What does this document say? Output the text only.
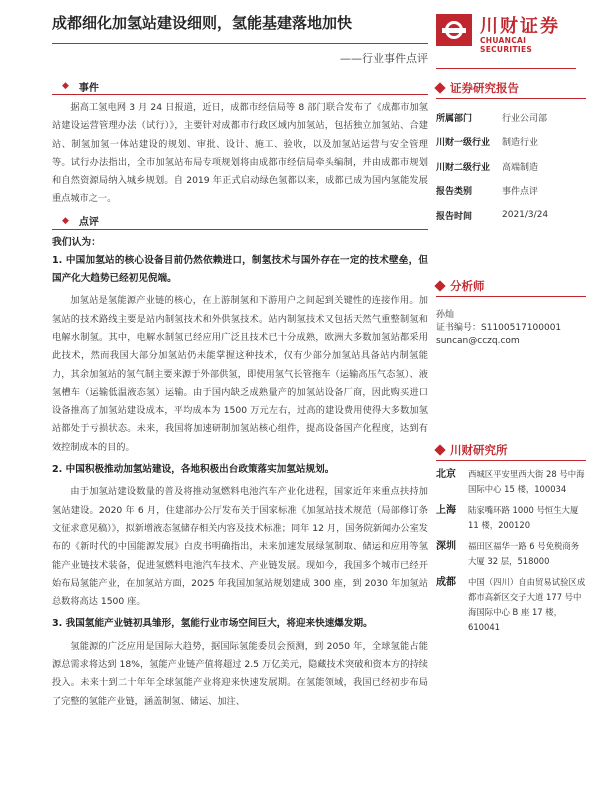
成都细化加氢站建设细则，氢能基建落地加快	川财证券
CHUANCAI SECURITIES
——行业事件点评
◆ 事件

据高工氢电网 3 月 24 日报道，近日，成都市经信局等 8 部门联合发布了《成都市加氢站建设运营管理办法（试行）》，主要针对成都市行政区域内加氢站，包括独立加氢站、合建站、制氢加氢一体站建设的规划、审批、设计、施工、验收，以及加氢站运营与安全管理等。试行办法指出，全市加氢站布局专项规划将由成都市经信局牵头编制，并由成都市规划和自然资源局纳入城乡规划。自 2019 年正式启动绿色氢都以来，成都已成为国内氢能发展重点城市之一。

◆ 点评

我们认为：

1. 中国加氢站的核心设备目前仍然依赖进口，制氢技术与国外存在一定的技术壁垒，但国产化大趋势已经初见倪端。

加氢站是氢能源产业链的核心，在上游制氢和下游用户之间起到关键性的连接作用。加氢站的技术路线主要是站内制氢技术和外供氢技术。站内制氢技术又包括天然气重整制氢和电解水制氢。其中，电解水制氢已经应用广泛且技术已十分成熟，欧洲大多数加氢站都采用此技术，然而我国大部分加氢站仍未能掌握这种技术，仅有少部分加氢站具备站内制氢能力，其余加氢站的氢气制主要来源于外部供氢，即使用氢气长管拖车（运输高压气态氢）、液氢槽车（运输低温液态氢）运输。由于国内缺乏成熟量产的加氢站设备厂商，因此购买进口设备推高了加氢站建设成本，平均成本为 1500 万元左右，过高的建设费用使得大多数加氢站都处于亏损状态。未来，我国将加速研制加氢站核心组件，提高设备国产化程度，达到有效控制成本的目的。

2. 中国积极推动加氢站建设，各地积极出台政策落实加氢站规划。

由于加氢站建设数量的普及将推动氢燃料电池汽车产业化进程，国家近年来重点扶持加氢站建设。2020 年 6 月，住建部办公厅发布关于国家标准《加氢站技术规范（局部修订条文征求意见稿）》，拟新增液态氢储存相关内容及技术标准；同年 12 月，国务院新闻办公室发布的《新时代的中国能源发展》白皮书明确指出，未来加速发展绿氢制取、储运和应用等氢能产业链技术装备，促进氢燃料电池汽车技术、产业链发展。现如今，我国多个城市已经开始布局氢能产业，在加氢站方面，2025 年我国加氢站规划建成 300 座，到 2030 年加氢站总数将高达 1500 座。

3. 我国氢能产业链初具雏形，氢能行业市场空间巨大，将迎来快速爆发期。

氢能源的广泛应用是国际大趋势，据国际氢能委员会预测，到 2050 年，全球氢能占能源总需求将达到 18%，氢能产业链产值将超过 2.5 万亿美元，隐藏技术突破和资本方的持续投入。未来十到二十年年全球氢能产业将迎来快速发展期。在氢能领域，我国已经初步布局了完整的氢能产业链，涵盖制氢、储运、加注、

证券研究报告
所属部门	行业公司部
川财一级行业	制造行业
川财二级行业	高端制造
报告类别	事件点评
报告时间	2021/3/24
分析师
孙灿
证书编号：S1100517100001
suncan@cczq.com
川财研究所
北京	西城区平安里西大街 28 号中海国际中心 15 楼，100034
上海	陆家嘴环路 1000 号恒生大厦 11 楼，200120
深圳	福田区福华一路 6 号免税商务大厦 32 层，518000
成都	中国（四川）自由贸易试验区成都市高新区交子大道 177 号中海国际中心 B 座 17 楼，610041
